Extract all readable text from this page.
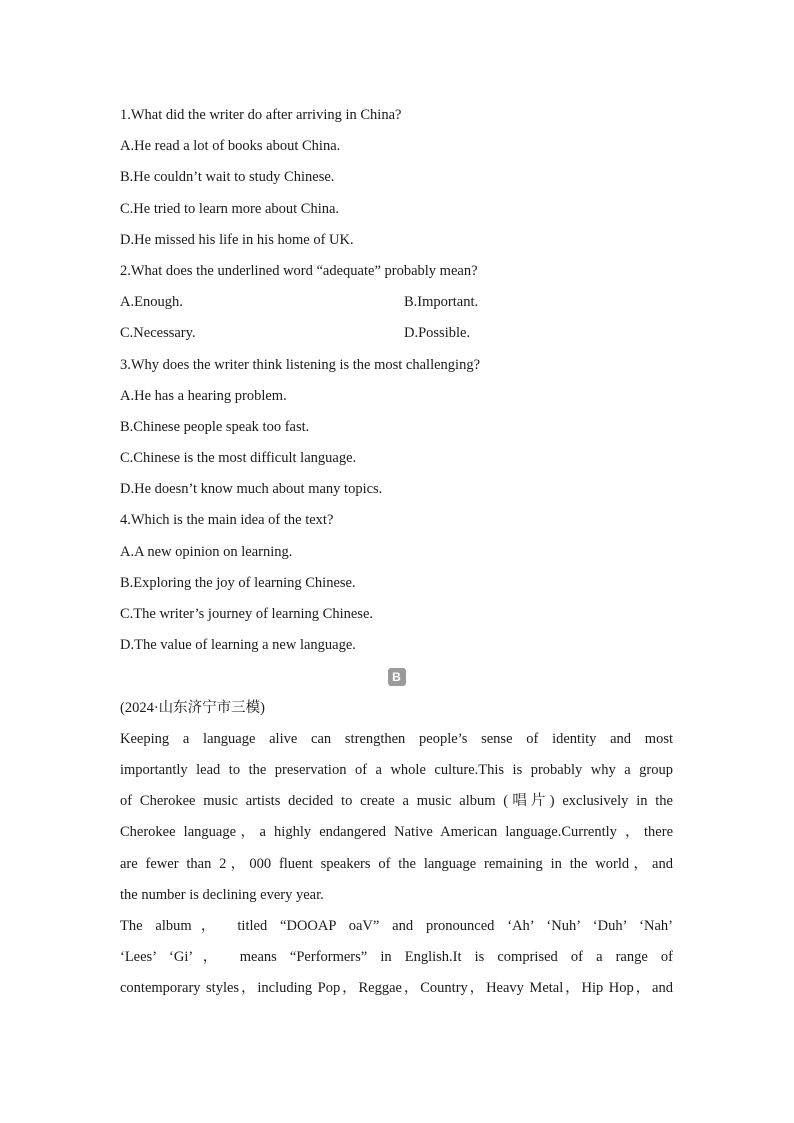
1.What did the writer do after arriving in China?
A.He read a lot of books about China.
B.He couldn’t wait to study Chinese.
C.He tried to learn more about China.
D.He missed his life in his home of UK.
2.What does the underlined word “adequate” probably mean?
A.Enough.	B.Important.
C.Necessary.	D.Possible.
3.Why does the writer think listening is the most challenging?
A.He has a hearing problem.
B.Chinese people speak too fast.
C.Chinese is the most difficult language.
D.He doesn’t know much about many topics.
4.Which is the main idea of the text?
A.A new opinion on learning.
B.Exploring the joy of learning Chinese.
C.The writer’s journey of learning Chinese.
D.The value of learning a new language.
B
(2024·山东济宁市三模)
Keeping a language alive can strengthen people’s sense of identity and most
importantly lead to the preservation of a whole culture.This is probably why a group
of Cherokee music artists decided to create a music album (唱片) exclusively in the
Cherokee language，a highly endangered Native American language.Currently ，there
are fewer than 2，000 fluent speakers of the language remaining in the world，and
the number is declining every year.
The album， titled “DOOAP oaV” and pronounced ‘Ah’ ‘Nuh’ ‘Duh’ ‘Nah’
‘Lees’ ‘Gi’， means “Performers” in English.It is comprised of a range of
contemporary styles，including Pop，Reggae，Country，Heavy Metal，Hip Hop，and
